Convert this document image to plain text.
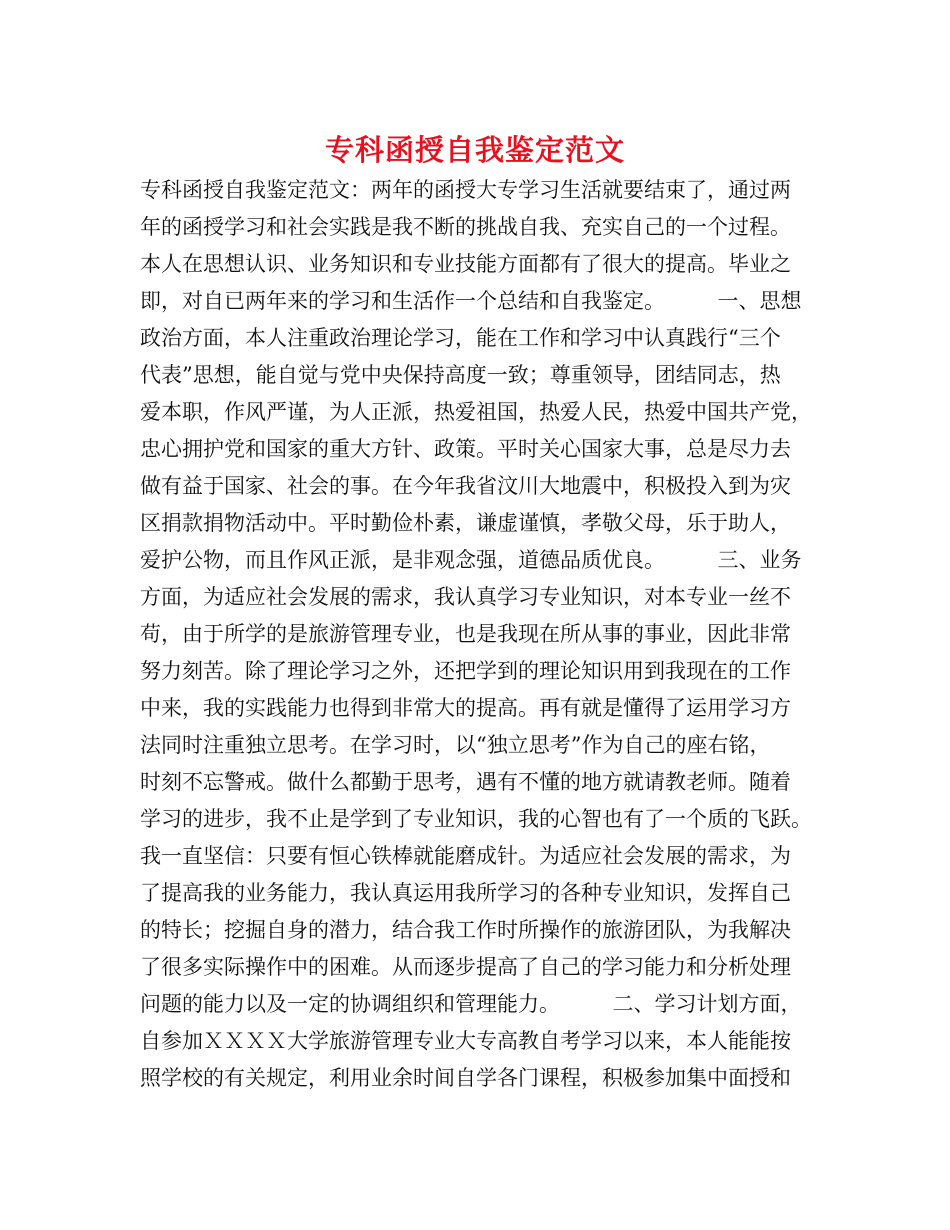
专科函授自我鉴定范文
专科函授自我鉴定范文：两年的函授大专学习生活就要结束了，通过两
年的函授学习和社会实践是我不断的挑战自我、充实自己的一个过程。
本人在思想认识、业务知识和专业技能方面都有了很大的提高。毕业之
即，对自已两年来的学习和生活作一个总结和自我鉴定。　　　一、思想
政治方面，本人注重政治理论学习，能在工作和学习中认真践行“三个
代表”思想，能自觉与党中央保持高度一致；尊重领导，团结同志，热
爱本职，作风严谨，为人正派，热爱祖国，热爱人民，热爱中国共产党，
忠心拥护党和国家的重大方针、政策。平时关心国家大事，总是尽力去
做有益于国家、社会的事。在今年我省汶川大地震中，积极投入到为灾
区捐款捐物活动中。平时勤俭朴素，谦虚谨慎，孝敬父母，乐于助人，
爱护公物，而且作风正派，是非观念强，道德品质优良。　　　三、业务
方面，为适应社会发展的需求，我认真学习专业知识，对本专业一丝不
苟，由于所学的是旅游管理专业，也是我现在所从事的事业，因此非常
努力刻苦。除了理论学习之外，还把学到的理论知识用到我现在的工作
中来，我的实践能力也得到非常大的提高。再有就是懂得了运用学习方
法同时注重独立思考。在学习时，以“独立思考”作为自己的座右铭，
时刻不忘警戒。做什么都勤于思考，遇有不懂的地方就请教老师。随着
学习的进步，我不止是学到了专业知识，我的心智也有了一个质的飞跃。
我一直坚信：只要有恒心铁棒就能磨成针。为适应社会发展的需求，为
了提高我的业务能力，我认真运用我所学习的各种专业知识，发挥自己
的特长；挖掘自身的潜力，结合我工作时所操作的旅游团队，为我解决
了很多实际操作中的困难。从而逐步提高了自己的学习能力和分析处理
问题的能力以及一定的协调组织和管理能力。　　　二、学习计划方面，
自参加ＸＸＸＸ大学旅游管理专业大专高教自考学习以来，本人能能按
照学校的有关规定，利用业余时间自学各门课程，积极参加集中面授和
